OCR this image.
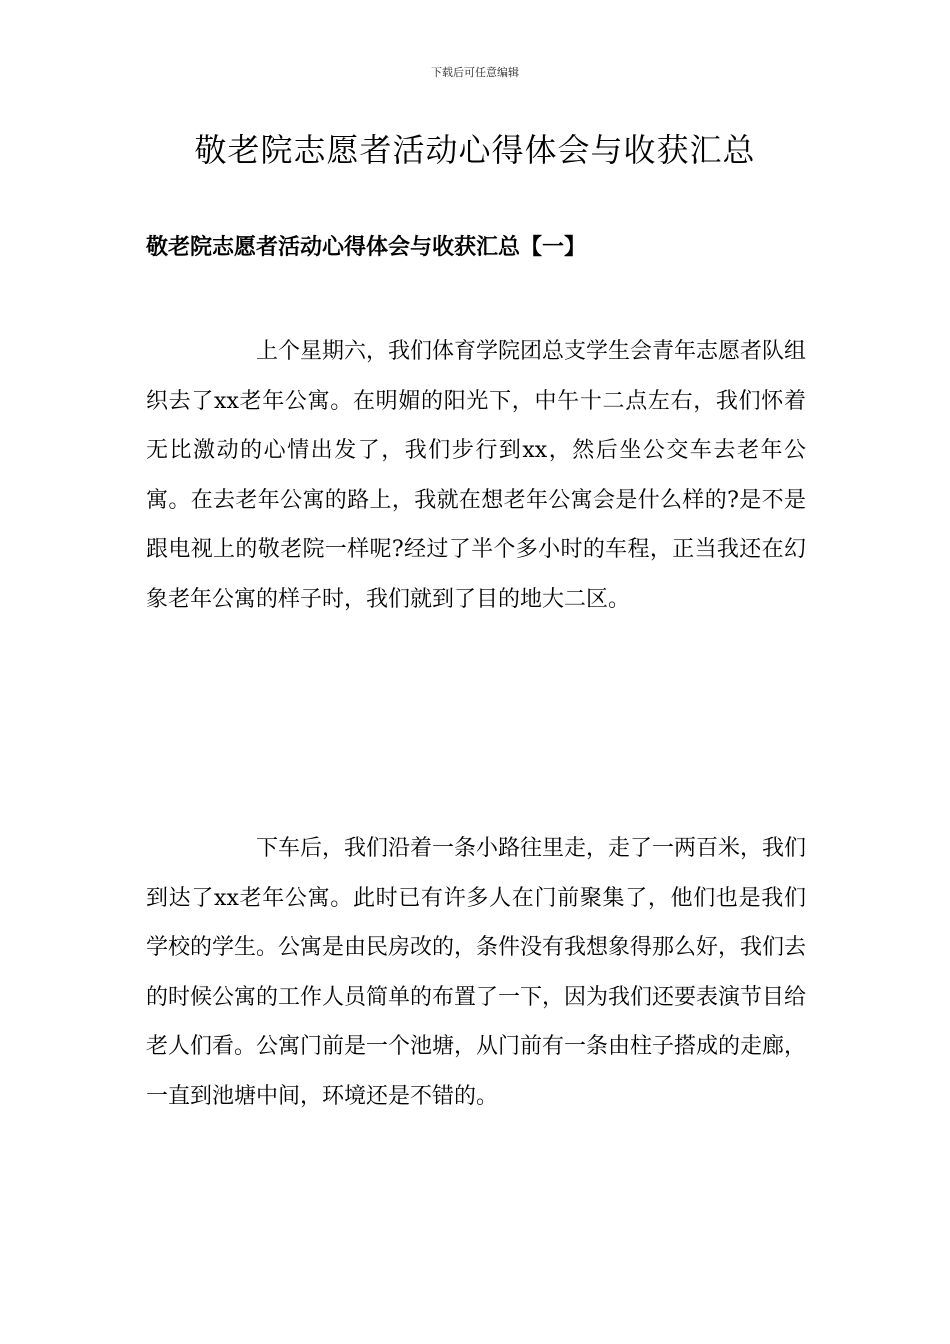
下载后可任意编辑
敬老院志愿者活动心得体会与收获汇总
敬老院志愿者活动心得体会与收获汇总【一】

上个星期六，我们体育学院团总支学生会青年志愿者队组织去了xx老年公寓。在明媚的阳光下，中午十二点左右，我们怀着无比激动的心情出发了，我们步行到xx，然后坐公交车去老年公寓。在去老年公寓的路上，我就在想老年公寓会是什么样的?是不是跟电视上的敬老院一样呢?经过了半个多小时的车程，正当我还在幻象老年公寓的样子时，我们就到了目的地大二区。

下车后，我们沿着一条小路往里走，走了一两百米，我们到达了xx老年公寓。此时已有许多人在门前聚集了，他们也是我们学校的学生。公寓是由民房改的，条件没有我想象得那么好，我们去的时候公寓的工作人员简单的布置了一下，因为我们还要表演节目给老人们看。公寓门前是一个池塘，从门前有一条由柱子搭成的走廊，一直到池塘中间，环境还是不错的。
